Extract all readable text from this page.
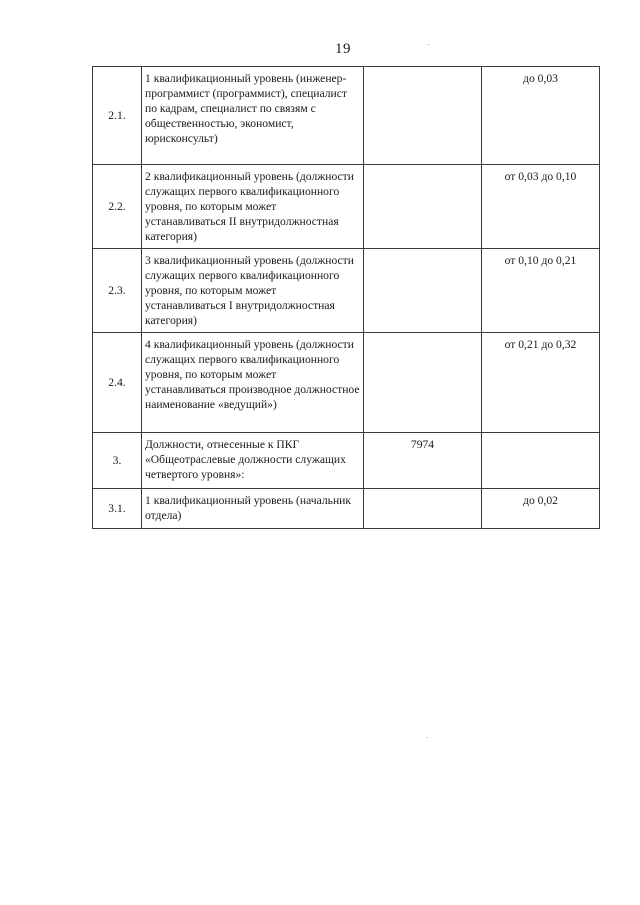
19
2.1.	1 квалификационный уровень (инженер-программист (программист), специалист по кадрам, специалист по связям с общественностью, экономист, юрисконсульт)		до 0,03
2.2.	2 квалификационный уровень (должности служащих первого квалификационного уровня, по которым может устанавливаться II внутридолжностная категория)		от 0,03 до 0,10
2.3.	3 квалификационный уровень (должности служащих первого квалификационного уровня, по которым может устанавливаться I внутридолжностная категория)		от 0,10 до 0,21
2.4.	4 квалификационный уровень (должности служащих первого квалификационного уровня, по которым может устанавливаться производное должностное наименование «ведущий»)		от 0,21 до 0,32
3.	Должности, отнесенные к ПКГ «Общеотраслевые должности служащих четвертого уровня»:	7974	
3.1.	1 квалификационный уровень (начальник отдела)		до 0,02
